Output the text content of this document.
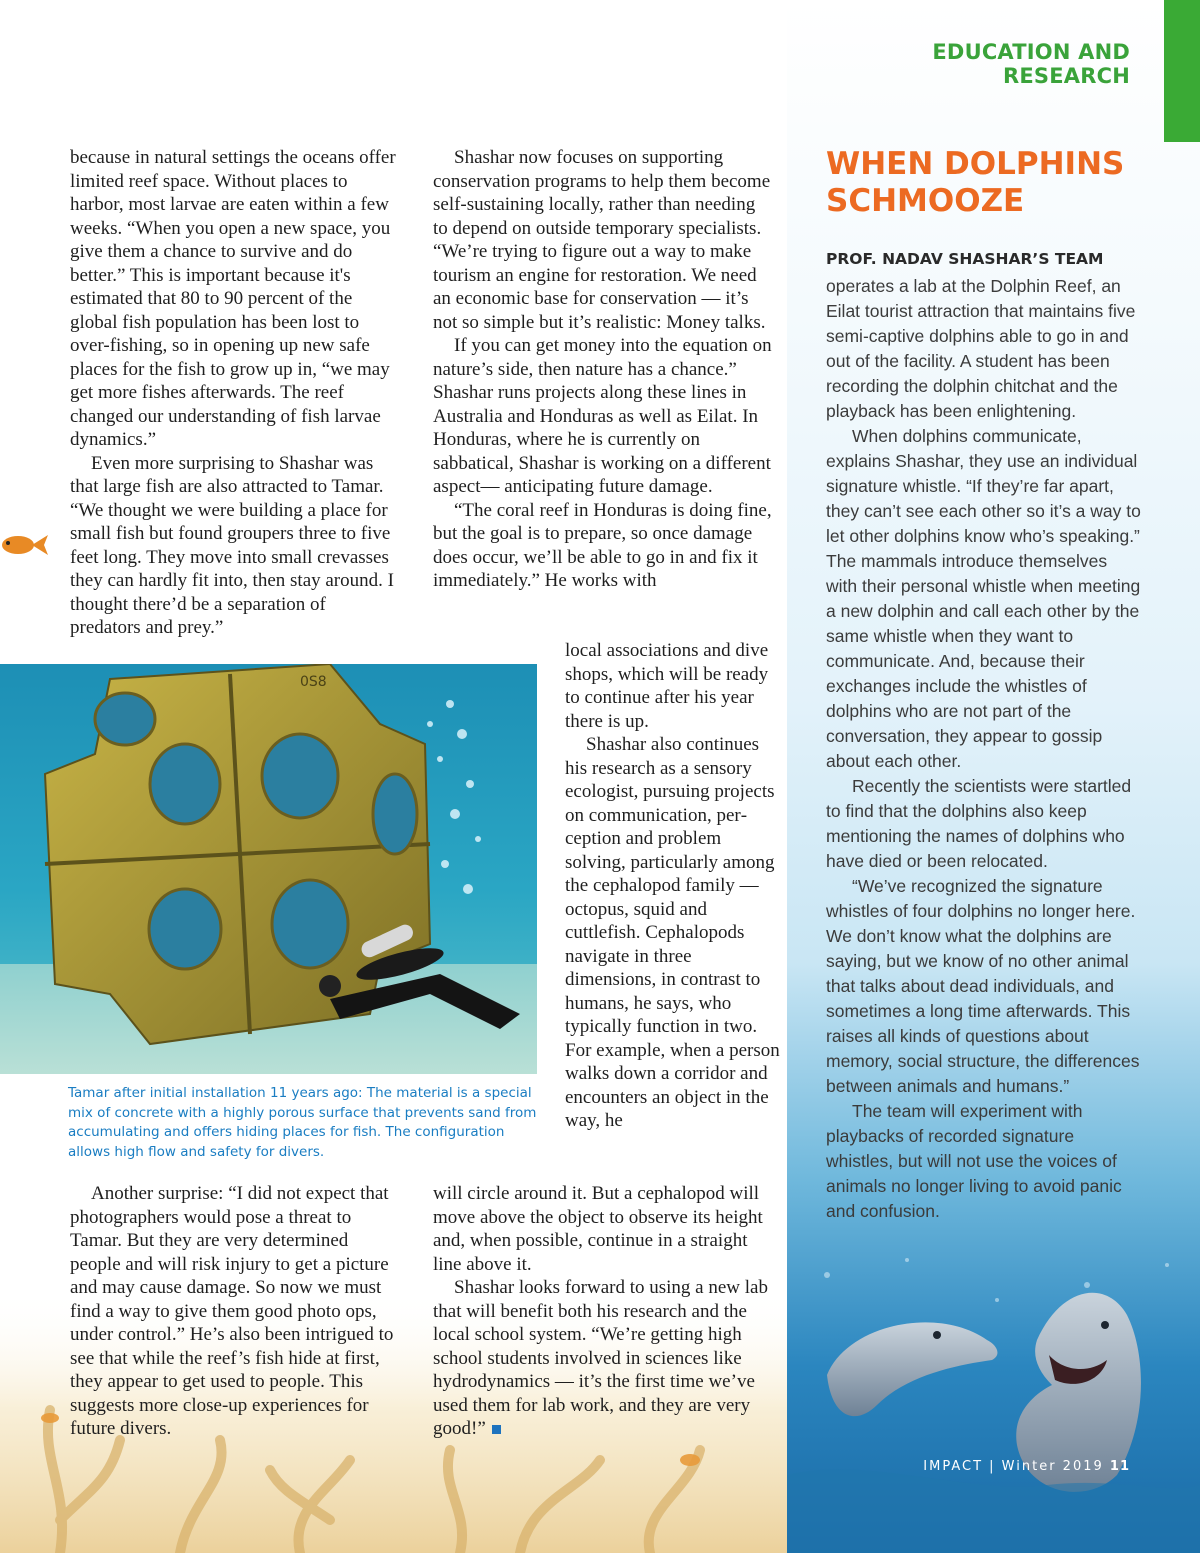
EDUCATION AND RESEARCH

because in natural settings the oceans offer limited reef space. Without places to harbor, most larvae are eaten within a few weeks. “When you open a new space, you give them a chance to survive and do better.” This is important because it's estimated that 80 to 90 percent of the global fish population has been lost to over-fishing, so in opening up new safe places for the fish to grow up in, “we may get more fishes afterwards. The reef changed our understanding of fish larvae dynamics.”

Even more surprising to Shashar was that large fish are also attracted to Tamar. “We thought we were building a place for small fish but found groupers three to five feet long. They move into small crevasses they can hardly fit into, then stay around. I thought there’d be a separation of predators and prey.”

Shashar now focuses on supporting conservation programs to help them become self-sustaining locally, rather than needing to depend on outside temporary specialists. “We’re trying to figure out a way to make tourism an engine for restoration. We need an economic base for conservation — it’s not so simple but it’s realistic: Money talks.

If you can get money into the equation on nature’s side, then nature has a chance.” Shashar runs projects along these lines in Australia and Honduras as well as Eilat. In Honduras, where he is currently on sabbatical, Shashar is working on a different aspect— anticipating future damage.

“The coral reef in Honduras is doing fine, but the goal is to prepare, so once damage does occur, we’ll be able to go in and fix it immediately.” He works with

local associations and dive shops, which will be ready to continue after his year there is up.

Shashar also continues his research as a sensory ecologist, pursuing projects on communication, perception and problem solving, particularly among the cephalopod family — octopus, squid and cuttlefish. Cephalopods navigate in three dimensions, in contrast to humans, he says, who typically function in two. For example, when a person walks down a corridor and encounters an object in the way, he

0S8
Tamar after initial installation 11 years ago: The material is a special mix of concrete with a highly porous surface that prevents sand from accumulating and offers hiding places for fish. The configuration allows high flow and safety for divers.

Another surprise: “I did not expect that photographers would pose a threat to Tamar. But they are very determined people and will risk injury to get a picture and may cause damage. So now we must find a way to give them good photo ops, under control.” He’s also been intrigued to see that while the reef’s fish hide at first, they appear to get used to people. This suggests more close-up experiences for future divers.

will circle around it. But a cephalopod will move above the object to observe its height and, when possible, continue in a straight line above it.

Shashar looks forward to using a new lab that will benefit both his research and the local school system. “We’re getting high school students involved in sciences like hydrodynamics — it’s the first time we’ve used them for lab work, and they are very good!”

WHEN DOLPHINS SCHMOOZE

PROF. NADAV SHASHAR’S TEAM
operates a lab at the Dolphin Reef, an Eilat tourist attraction that maintains five semi-captive dolphins able to go in and out of the facility. A student has been recording the dolphin chitchat and the playback has been enlightening.

When dolphins communicate, explains Shashar, they use an individual signature whistle. “If they’re far apart, they can’t see each other so it’s a way to let other dolphins know who’s speaking.” The mammals introduce themselves with their personal whistle when meeting a new dolphin and call each other by the same whistle when they want to communicate. And, because their exchanges include the whistles of dolphins who are not part of the conversation, they appear to gossip about each other.

Recently the scientists were startled to find that the dolphins also keep mentioning the names of dolphins who have died or been relocated.

“We’ve recognized the signature whistles of four dolphins no longer here. We don’t know what the dolphins are saying, but we know of no other animal that talks about dead individuals, and sometimes a long time afterwards. This raises all kinds of questions about memory, social structure, the differences between animals and humans.”

The team will experiment with playbacks of recorded signature whistles, but will not use the voices of animals no longer living to avoid panic and confusion.

IMPACT | Winter 2019 11
